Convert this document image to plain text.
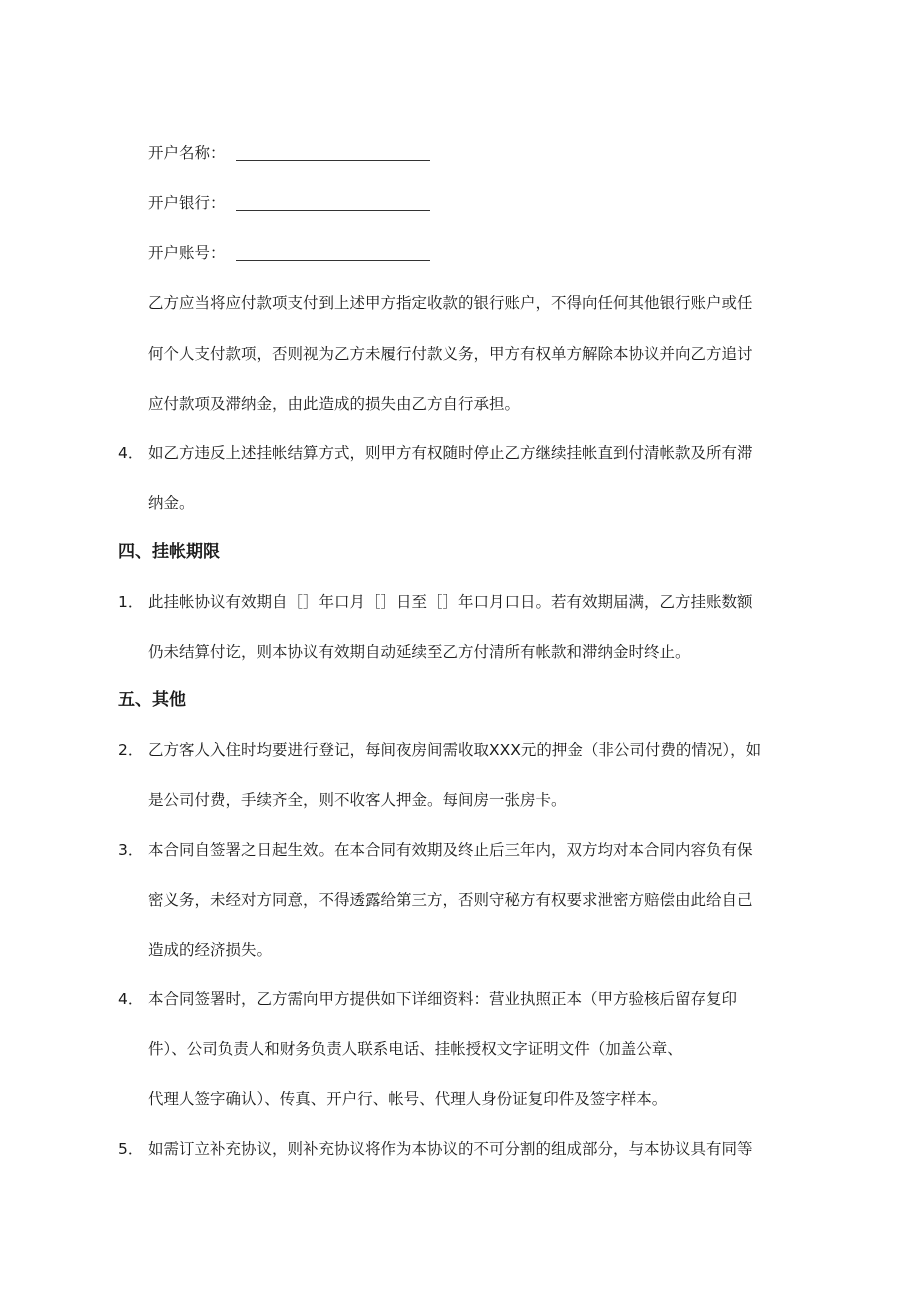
开户名称：
开户银行：
开户账号：
乙方应当将应付款项支付到上述甲方指定收款的银行账户，不得向任何其他银行账户或任
何个人支付款项，否则视为乙方未履行付款义务，甲方有权单方解除本协议并向乙方追讨
应付款项及滞纳金，由此造成的损失由乙方自行承担。
4． 如乙方违反上述挂帐结算方式，则甲方有权随时停止乙方继续挂帐直到付清帐款及所有滞
纳金。
四、挂帐期限
1． 此挂帐协议有效期自［］年口月［］日至［］年口月口日。若有效期届满，乙方挂账数额
仍未结算付讫，则本协议有效期自动延续至乙方付清所有帐款和滞纳金时终止。
五、其他
2． 乙方客人入住时均要进行登记，每间夜房间需收取XXX元的押金（非公司付费的情况），如
是公司付费，手续齐全，则不收客人押金。每间房一张房卡。
3． 本合同自签署之日起生效。在本合同有效期及终止后三年内，双方均对本合同内容负有保
密义务，未经对方同意，不得透露给第三方，否则守秘方有权要求泄密方赔偿由此给自己
造成的经济损失。
4． 本合同签署时，乙方需向甲方提供如下详细资料：营业执照正本（甲方验核后留存复印
件）、公司负责人和财务负责人联系电话、挂帐授权文字证明文件（加盖公章、
代理人签字确认）、传真、开户行、帐号、代理人身份证复印件及签字样本。
5． 如需订立补充协议，则补充协议将作为本协议的不可分割的组成部分，与本协议具有同等
